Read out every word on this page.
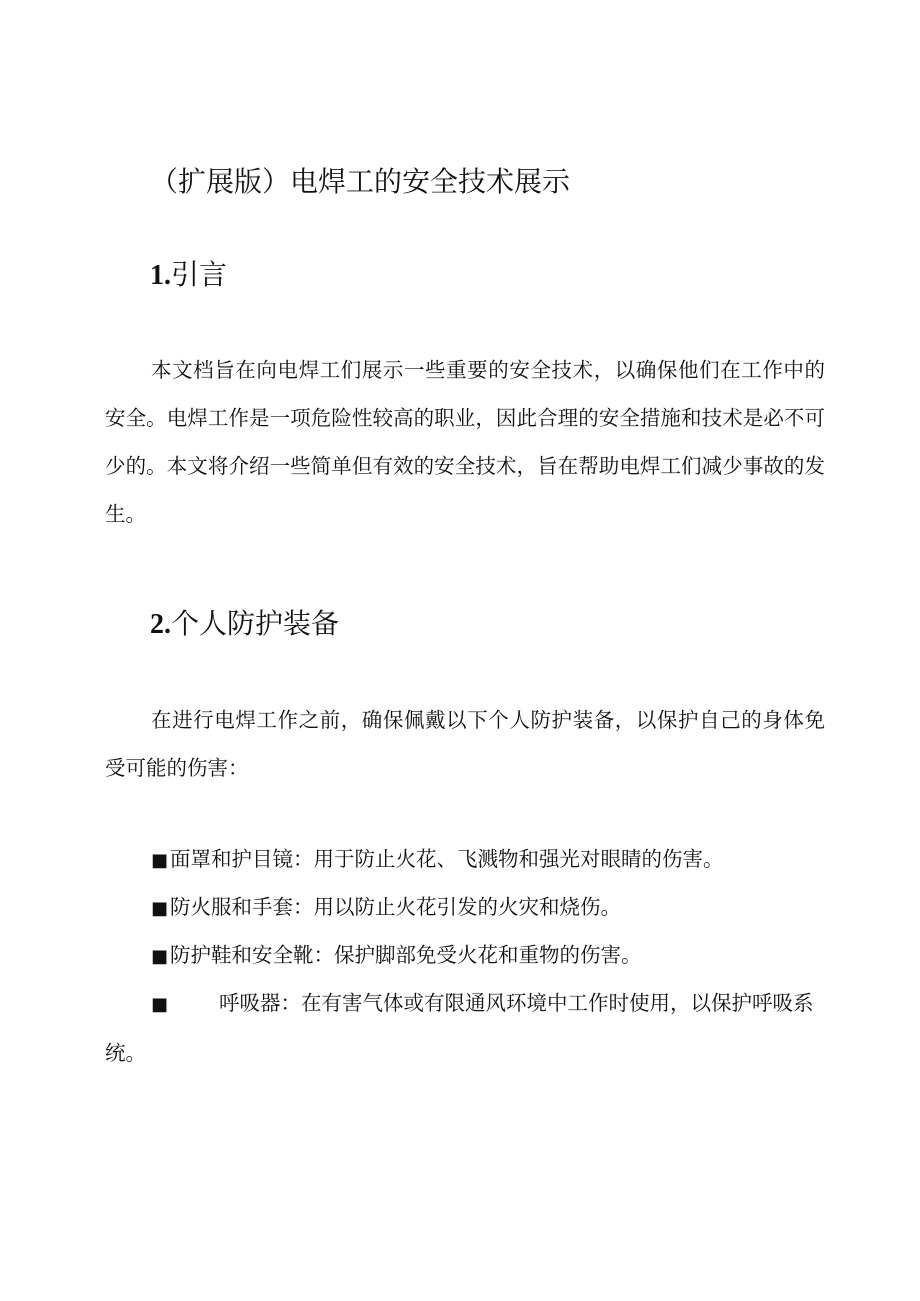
（扩展版）电焊工的安全技术展示
1.引言
本文档旨在向电焊工们展示一些重要的安全技术，以确保他们在工作中的安全。电焊工作是一项危险性较高的职业，因此合理的安全措施和技术是必不可少的。本文将介绍一些简单但有效的安全技术，旨在帮助电焊工们减少事故的发生。
2.个人防护装备
在进行电焊工作之前，确保佩戴以下个人防护装备，以保护自己的身体免受可能的伤害：
■面罩和护目镜：用于防止火花、飞溅物和强光对眼睛的伤害。
■防火服和手套：用以防止火花引发的火灾和烧伤。
■防护鞋和安全靴：保护脚部免受火花和重物的伤害。
■ 呼吸器：在有害气体或有限通风环境中工作时使用，以保护呼吸系统。
